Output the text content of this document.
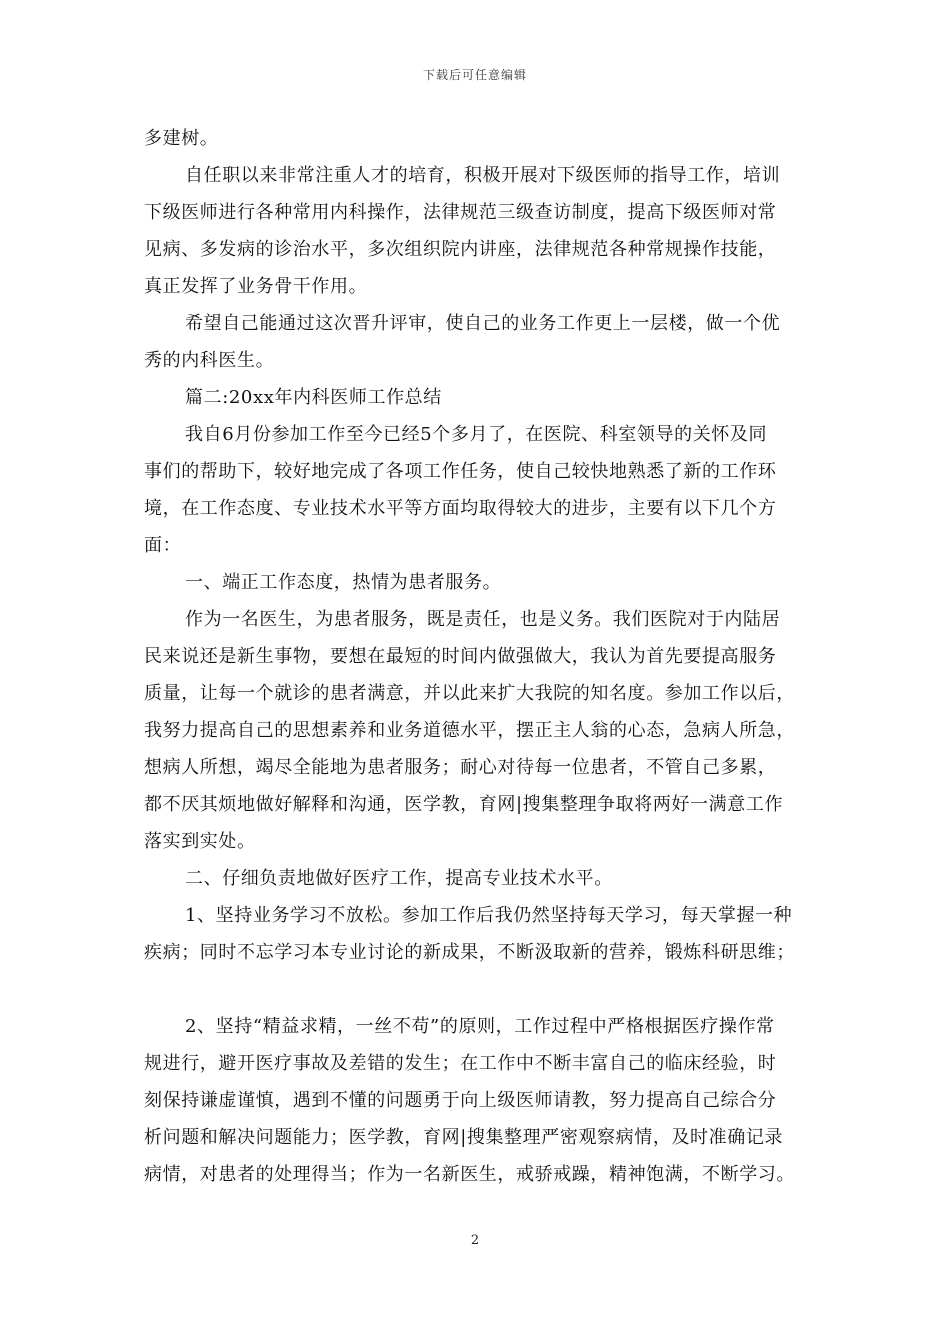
下载后可任意编辑
多建树。
自任职以来非常注重人才的培育，积极开展对下级医师的指导工作，培训
下级医师进行各种常用内科操作，法律规范三级查访制度，提高下级医师对常
见病、多发病的诊治水平，多次组织院内讲座，法律规范各种常规操作技能，
真正发挥了业务骨干作用。
希望自己能通过这次晋升评审，使自己的业务工作更上一层楼，做一个优
秀的内科医生。
篇二:20xx年内科医师工作总结
我自6月份参加工作至今已经5个多月了，在医院、科室领导的关怀及同
事们的帮助下，较好地完成了各项工作任务，使自己较快地熟悉了新的工作环
境，在工作态度、专业技术水平等方面均取得较大的进步，主要有以下几个方
面：
一、端正工作态度，热情为患者服务。
作为一名医生，为患者服务，既是责任，也是义务。我们医院对于内陆居
民来说还是新生事物，要想在最短的时间内做强做大，我认为首先要提高服务
质量，让每一个就诊的患者满意，并以此来扩大我院的知名度。参加工作以后，
我努力提高自己的思想素养和业务道德水平，摆正主人翁的心态，急病人所急，
想病人所想，竭尽全能地为患者服务；耐心对待每一位患者，不管自己多累，
都不厌其烦地做好解释和沟通，医学教，育网|搜集整理争取将两好一满意工作
落实到实处。
二、仔细负责地做好医疗工作，提高专业技术水平。
1、坚持业务学习不放松。参加工作后我仍然坚持每天学习，每天掌握一种
疾病；同时不忘学习本专业讨论的新成果，不断汲取新的营养，锻炼科研思维；
2、坚持“精益求精，一丝不苟”的原则，工作过程中严格根据医疗操作常
规进行，避开医疗事故及差错的发生；在工作中不断丰富自己的临床经验，时
刻保持谦虚谨慎，遇到不懂的问题勇于向上级医师请教，努力提高自己综合分
析问题和解决问题能力；医学教，育网|搜集整理严密观察病情，及时准确记录
病情，对患者的处理得当；作为一名新医生，戒骄戒躁，精神饱满，不断学习。
2
